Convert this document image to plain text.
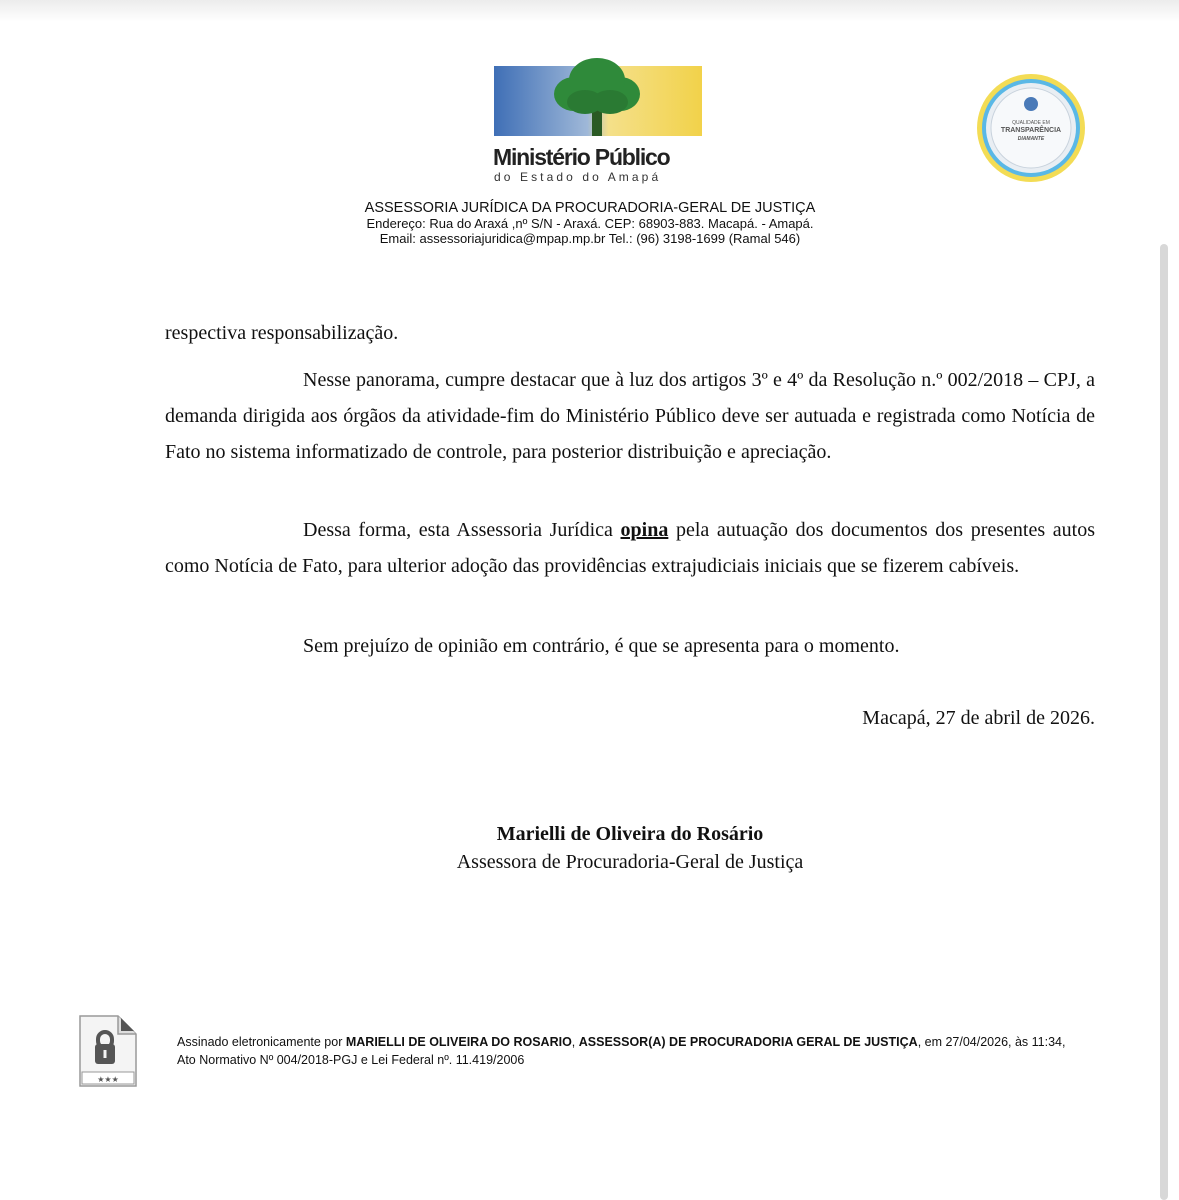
Ministério Público
do Estado do Amapá
QUALIDADE EM
TRANSPARÊNCIA
DIAMANTE
ASSESSORIA JURÍDICA DA PROCURADORIA-GERAL DE JUSTIÇA
Endereço: Rua do Araxá ,nº S/N - Araxá. CEP: 68903-883. Macapá. - Amapá.
Email: assessoriajuridica@mpap.mp.br Tel.: (96) 3198-1699 (Ramal 546)

respectiva responsabilização.

Nesse panorama, cumpre destacar que à luz dos artigos 3º e 4º da Resolução n.º 002/2018 – CPJ, a demanda dirigida aos órgãos da atividade-fim do Ministério Público deve ser autuada e registrada como Notícia de Fato no sistema informatizado de controle, para posterior distribuição e apreciação.

Dessa forma, esta Assessoria Jurídica opina pela autuação dos documentos dos presentes autos como Notícia de Fato, para ulterior adoção das providências extrajudiciais iniciais que se fizerem cabíveis.

Sem prejuízo de opinião em contrário, é que se apresenta para o momento.

Macapá, 27 de abril de 2026.
Marielli de Oliveira do Rosário
Assessora de Procuradoria-Geral de Justiça
★★★
Assinado eletronicamente por MARIELLI DE OLIVEIRA DO ROSARIO, ASSESSOR(A) DE PROCURADORIA GERAL DE JUSTIÇA, em 27/04/2026, às 11:34, Ato Normativo Nº 004/2018-PGJ e Lei Federal nº. 11.419/2006
